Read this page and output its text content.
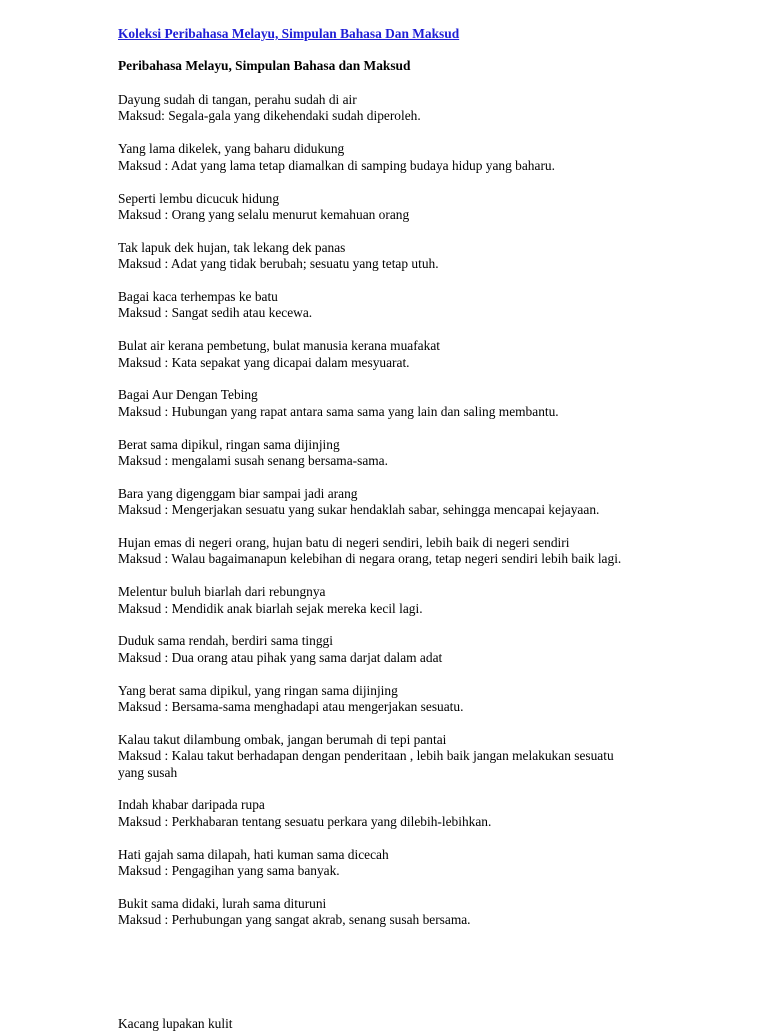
Koleksi Peribahasa Melayu, Simpulan Bahasa Dan Maksud
Peribahasa Melayu, Simpulan Bahasa dan Maksud
Dayung sudah di tangan, perahu sudah di air
Maksud: Segala-gala yang dikehendaki sudah diperoleh.
Yang lama dikelek, yang baharu didukung
Maksud : Adat yang lama tetap diamalkan di samping budaya hidup yang baharu.
Seperti lembu dicucuk hidung
Maksud : Orang yang selalu menurut kemahuan orang
Tak lapuk dek hujan, tak lekang dek panas
Maksud : Adat yang tidak berubah; sesuatu yang tetap utuh.
Bagai kaca terhempas ke batu
Maksud : Sangat sedih atau kecewa.
Bulat air kerana pembetung, bulat manusia kerana muafakat
Maksud : Kata sepakat yang dicapai dalam mesyuarat.
Bagai Aur Dengan Tebing
Maksud : Hubungan yang rapat antara sama sama yang lain dan saling membantu.
Berat sama dipikul, ringan sama dijinjing
Maksud : mengalami susah senang bersama-sama.
Bara yang digenggam biar sampai jadi arang
Maksud : Mengerjakan sesuatu yang sukar hendaklah sabar, sehingga mencapai kejayaan.
Hujan emas di negeri orang, hujan batu di negeri sendiri, lebih baik di negeri sendiri
Maksud : Walau bagaimanapun kelebihan di negara orang, tetap negeri sendiri lebih baik lagi.
Melentur buluh biarlah dari rebungnya
Maksud : Mendidik anak biarlah sejak mereka kecil lagi.
Duduk sama rendah, berdiri sama tinggi
Maksud : Dua orang atau pihak yang sama darjat dalam adat
Yang berat sama dipikul, yang ringan sama dijinjing
Maksud : Bersama-sama menghadapi atau mengerjakan sesuatu.
Kalau takut dilambung ombak, jangan berumah di tepi pantai
Maksud : Kalau takut berhadapan dengan penderitaan , lebih baik jangan melakukan sesuatu
yang susah
Indah khabar daripada rupa
Maksud : Perkhabaran tentang sesuatu perkara yang dilebih-lebihkan.
Hati gajah sama dilapah, hati kuman sama dicecah
Maksud : Pengagihan yang sama banyak.
Bukit sama didaki, lurah sama dituruni
Maksud : Perhubungan yang sangat akrab, senang susah bersama.
Kacang lupakan kulit
